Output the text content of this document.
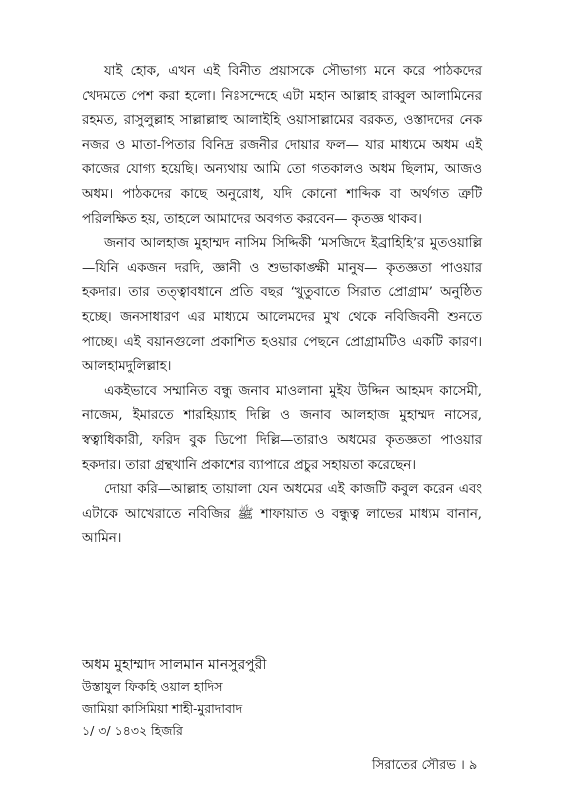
যাই হোক, এখন এই বিনীত প্রয়াসকে সৌভাগ্য মনে করে পাঠকদের খেদমতে পেশ করা হলো। নিঃসন্দেহে এটা মহান আল্লাহ রাব্বুল আলামিনের রহমত, রাসুলুল্লাহ সাল্লাল্লাহু আলাইহি ওয়াসাল্লামের বরকত, ওস্তাদদের নেক নজর ও মাতা-পিতার বিনিদ্র রজনীর দোয়ার ফল— যার মাধ্যমে অধম এই কাজের যোগ্য হয়েছি। অন্যথায় আমি তো গতকালও অধম ছিলাম, আজও অধম। পাঠকদের কাছে অনুরোধ, যদি কোনো শাব্দিক বা অর্থগত ত্রুটি পরিলক্ষিত হয়, তাহলে আমাদের অবগত করবেন— কৃতজ্ঞ থাকব।

জনাব আলহাজ মুহাম্মদ নাসিম সিদ্দিকী ‘মসজিদে ইব্রাহিহি’র মুতওয়াল্লি—যিনি একজন দরদি, জ্ঞানী ও শুভাকাঙ্ক্ষী মানুষ— কৃতজ্ঞতা পাওয়ার হকদার। তার তত্ত্বাবধানে প্রতি বছর ‘খুতুবাতে সিরাত প্রোগ্রাম’ অনুষ্ঠিত হচ্ছে। জনসাধারণ এর মাধ্যমে আলেমদের মুখ থেকে নবিজিবনী শুনতে পাচ্ছে। এই বয়ানগুলো প্রকাশিত হওয়ার পেছনে প্রোগ্রামটিও একটি কারণ। আলহামদুলিল্লাহ।

একইভাবে সম্মানিত বন্ধু জনাব মাওলানা মুইয ‍উদ্দিন আহমদ কাসেমী, নাজেম, ইমারতে শারহিয়্যাহ দিল্লি ও জনাব আলহাজ মুহাম্মদ নাসের, স্বত্বাধিকারী, ফরিদ বুক ডিপো দিল্লি—তারাও অধমের কৃতজ্ঞতা পাওয়ার হকদার। তারা গ্রন্থখানি প্রকাশের ব্যাপারে প্রচুর সহায়তা করেছেন।

দোয়া করি—আল্লাহ তায়ালা যেন অধমের এই কাজটি কবুল করেন এবং এটাকে আখেরাতে নবিজির ﷺ শাফায়াত ও বন্ধুত্ব লাভের মাধ্যম বানান, আমিন।

অধম মুহাম্মাদ সালমান মানসুরপুরী
উস্তাযুল ফিকহি ওয়াল হাদিস
জামিয়া কাসিমিয়া শাহী-মুরাদাবাদ
১/ ৩/ ১৪৩২ হিজরি
সিরাতের সৌরভ । ৯
